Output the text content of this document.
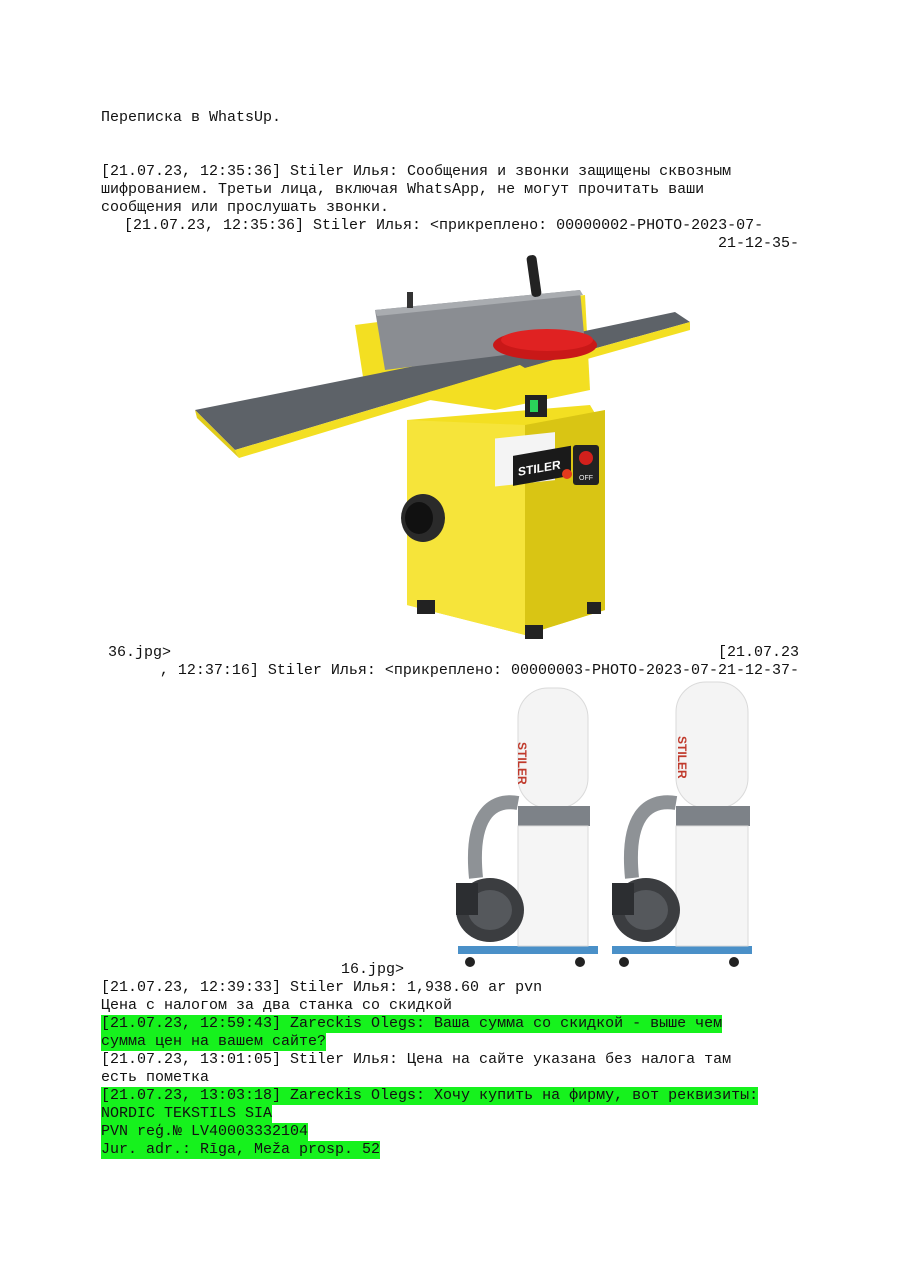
Переписка в WhatsUp.
[21.07.23, 12:35:36] Stiler Илья: Сообщения и звонки защищены сквозным
шифрованием. Третьи лица, включая WhatsApp, не могут прочитать ваши
сообщения или прослушать звонки.
[21.07.23, 12:35:36] Stiler Илья: <прикреплено: 00000002-PHOTO-2023-07-
21-12-35-
STILER	OFF
36.jpg>	[21.07.23
, 12:37:16] Stiler Илья: <прикреплено: 00000003-PHOTO-2023-07-21-12-37-
STILER	STILER
16.jpg>
[21.07.23, 12:39:33] Stiler Илья: 1,938.60 ar pvn
Цена с налогом за два станка со скидкой
[21.07.23, 12:59:43] Zareckis Olegs: Ваша сумма со скидкой - выше чем
сумма цен на вашем сайте?
[21.07.23, 13:01:05] Stiler Илья: Цена на сайте указана без налога там
есть пометка
[21.07.23, 13:03:18] Zareckis Olegs: Хочу купить на фирму, вот реквизиты:
NORDIC TEKSTILS SIA
PVN reģ.№ LV40003332104
Jur. adr.: Rīga, Meža prosp. 52
